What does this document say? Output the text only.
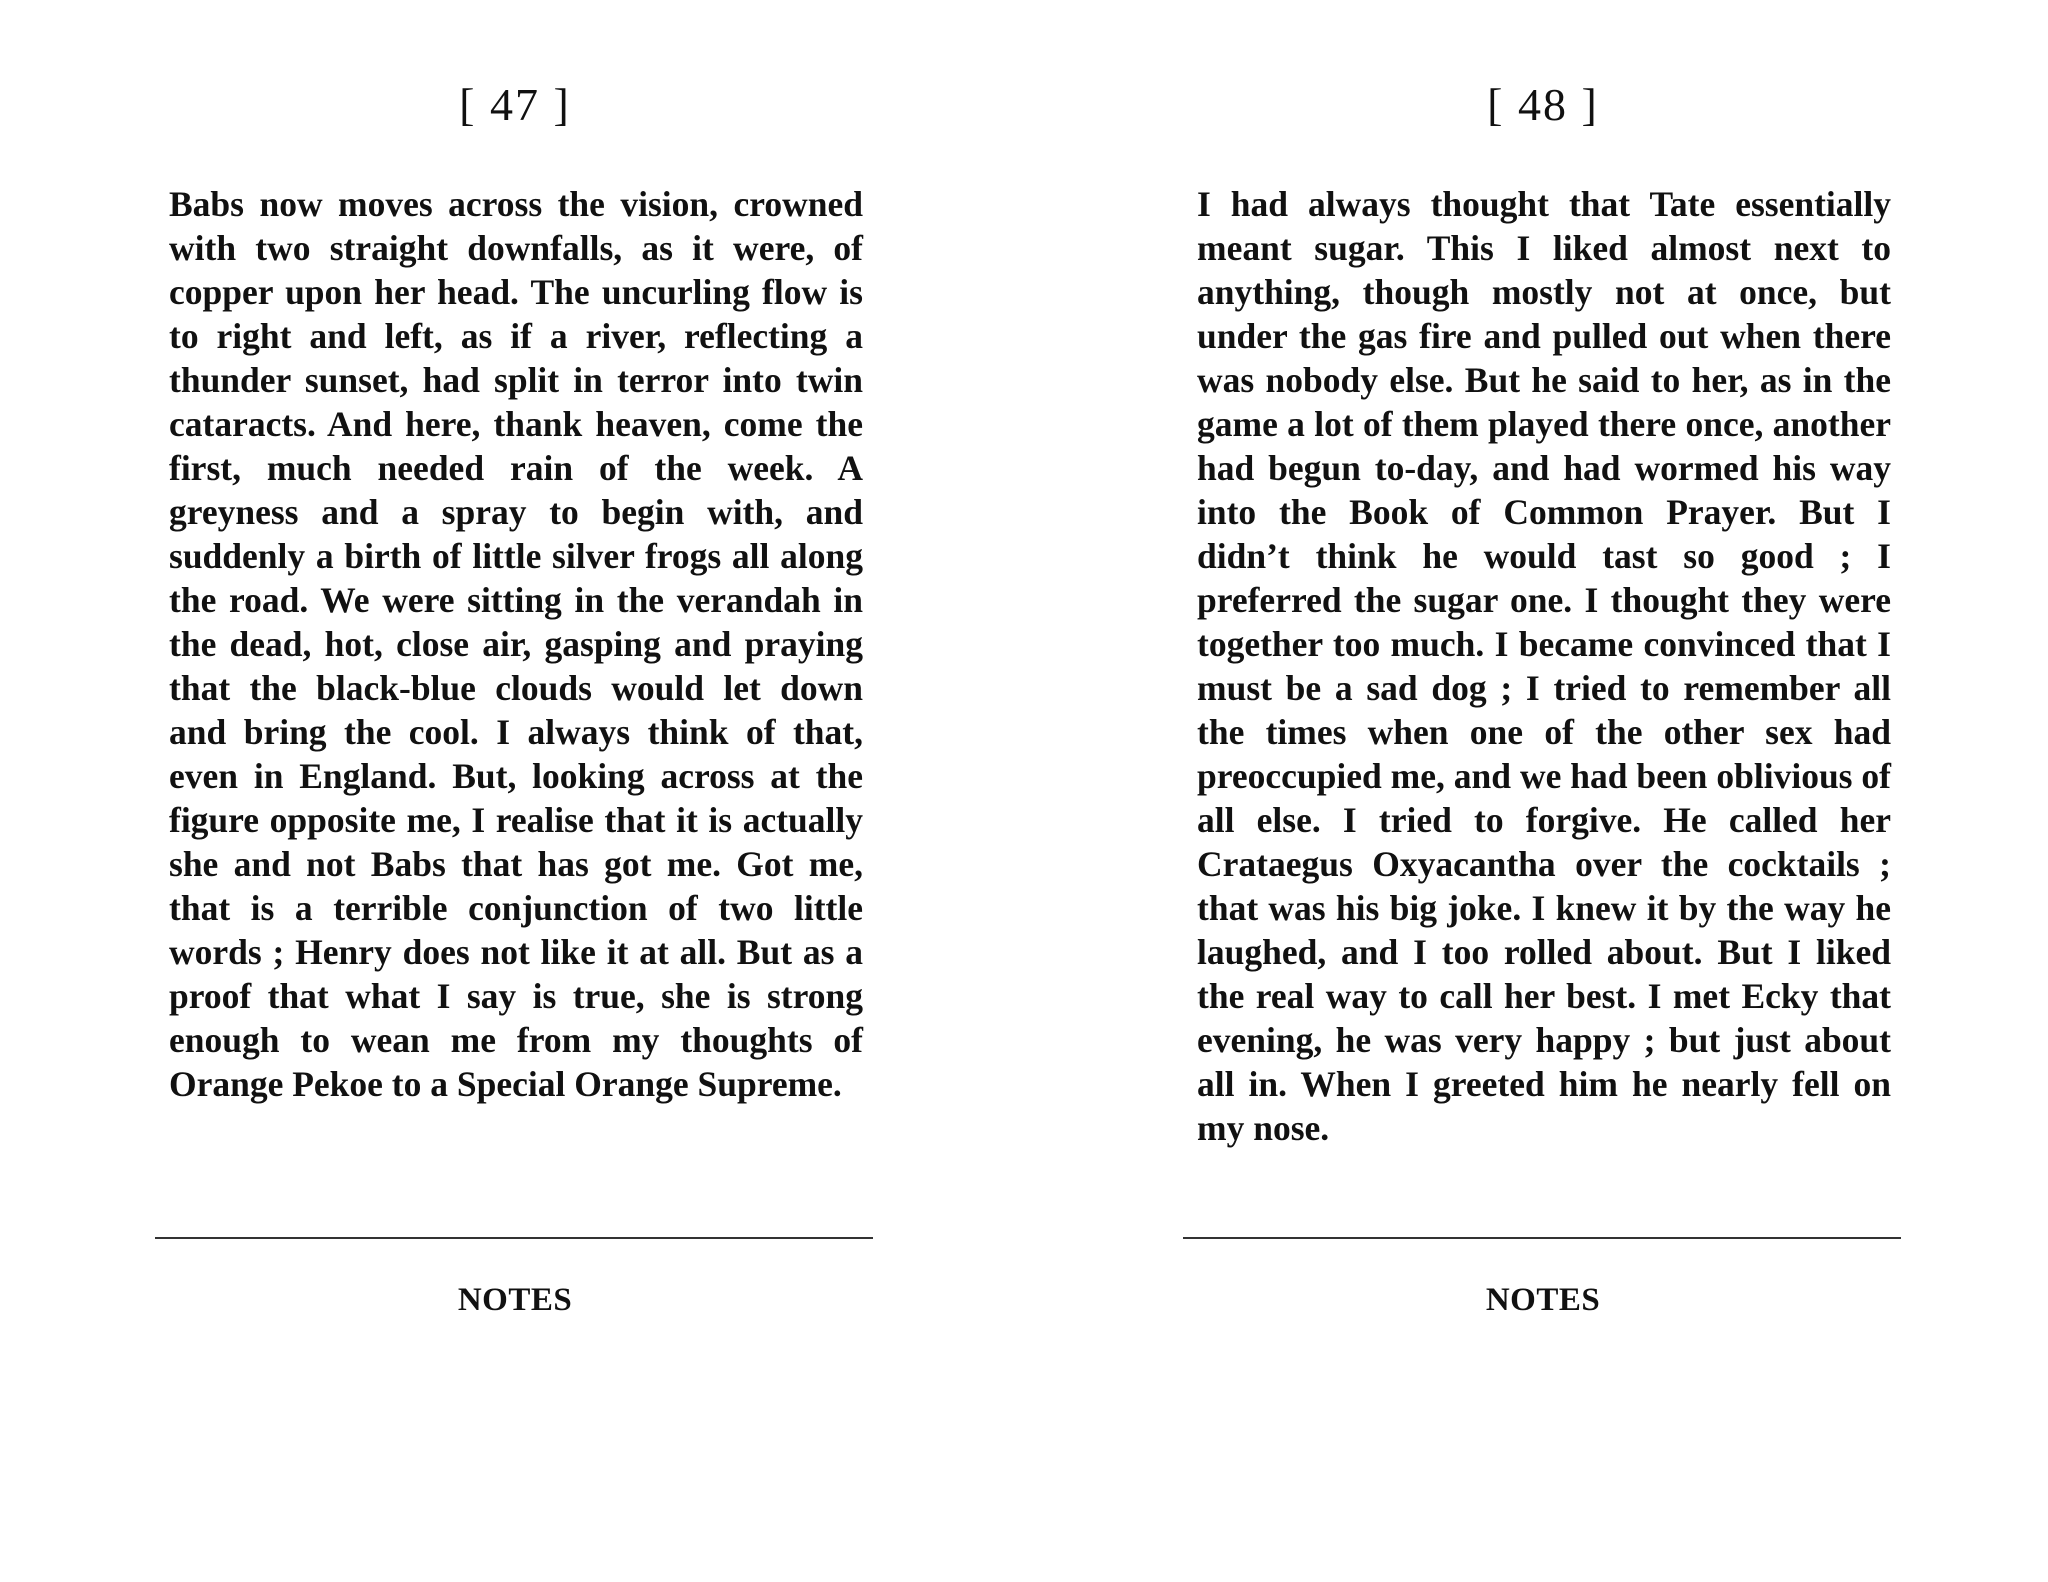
[ 47 ]

Babs now moves across the vision, crowned with two straight downfalls, as it were, of copper upon her head. The uncurling flow is to right and left, as if a river, reflecting a thunder sunset, had split in terror into twin cataracts. And here, thank heaven, come the first, much needed rain of the week. A greyness and a spray to begin with, and suddenly a birth of little silver frogs all along the road. We were sitting in the verandah in the dead, hot, close air, gasping and praying that the black-blue clouds would let down and bring the cool. I always think of that, even in England. But, looking across at the figure opposite me, I realise that it is actually she and not Babs that has got me. Got me, that is a terrible conjunction of two little words ; Henry does not like it at all. But as a proof that what I say is true, she is strong enough to wean me from my thoughts of Orange Pekoe to a Special Orange Supreme.

NOTES
[ 48 ]

I had always thought that Tate essentially meant sugar. This I liked almost next to anything, though mostly not at once, but under the gas fire and pulled out when there was nobody else. But he said to her, as in the game a lot of them played there once, another had begun to-day, and had wormed his way into the Book of Common Prayer. But I didn’t think he would tast so good ; I preferred the sugar one. I thought they were together too much. I became convinced that I must be a sad dog ; I tried to remember all the times when one of the other sex had preoccupied me, and we had been oblivious of all else. I tried to forgive. He called her Crataegus Oxyacantha over the cocktails ; that was his big joke. I knew it by the way he laughed, and I too rolled about. But I liked the real way to call her best. I met Ecky that evening, he was very happy ; but just about all in. When I greeted him he nearly fell on my nose.

NOTES
